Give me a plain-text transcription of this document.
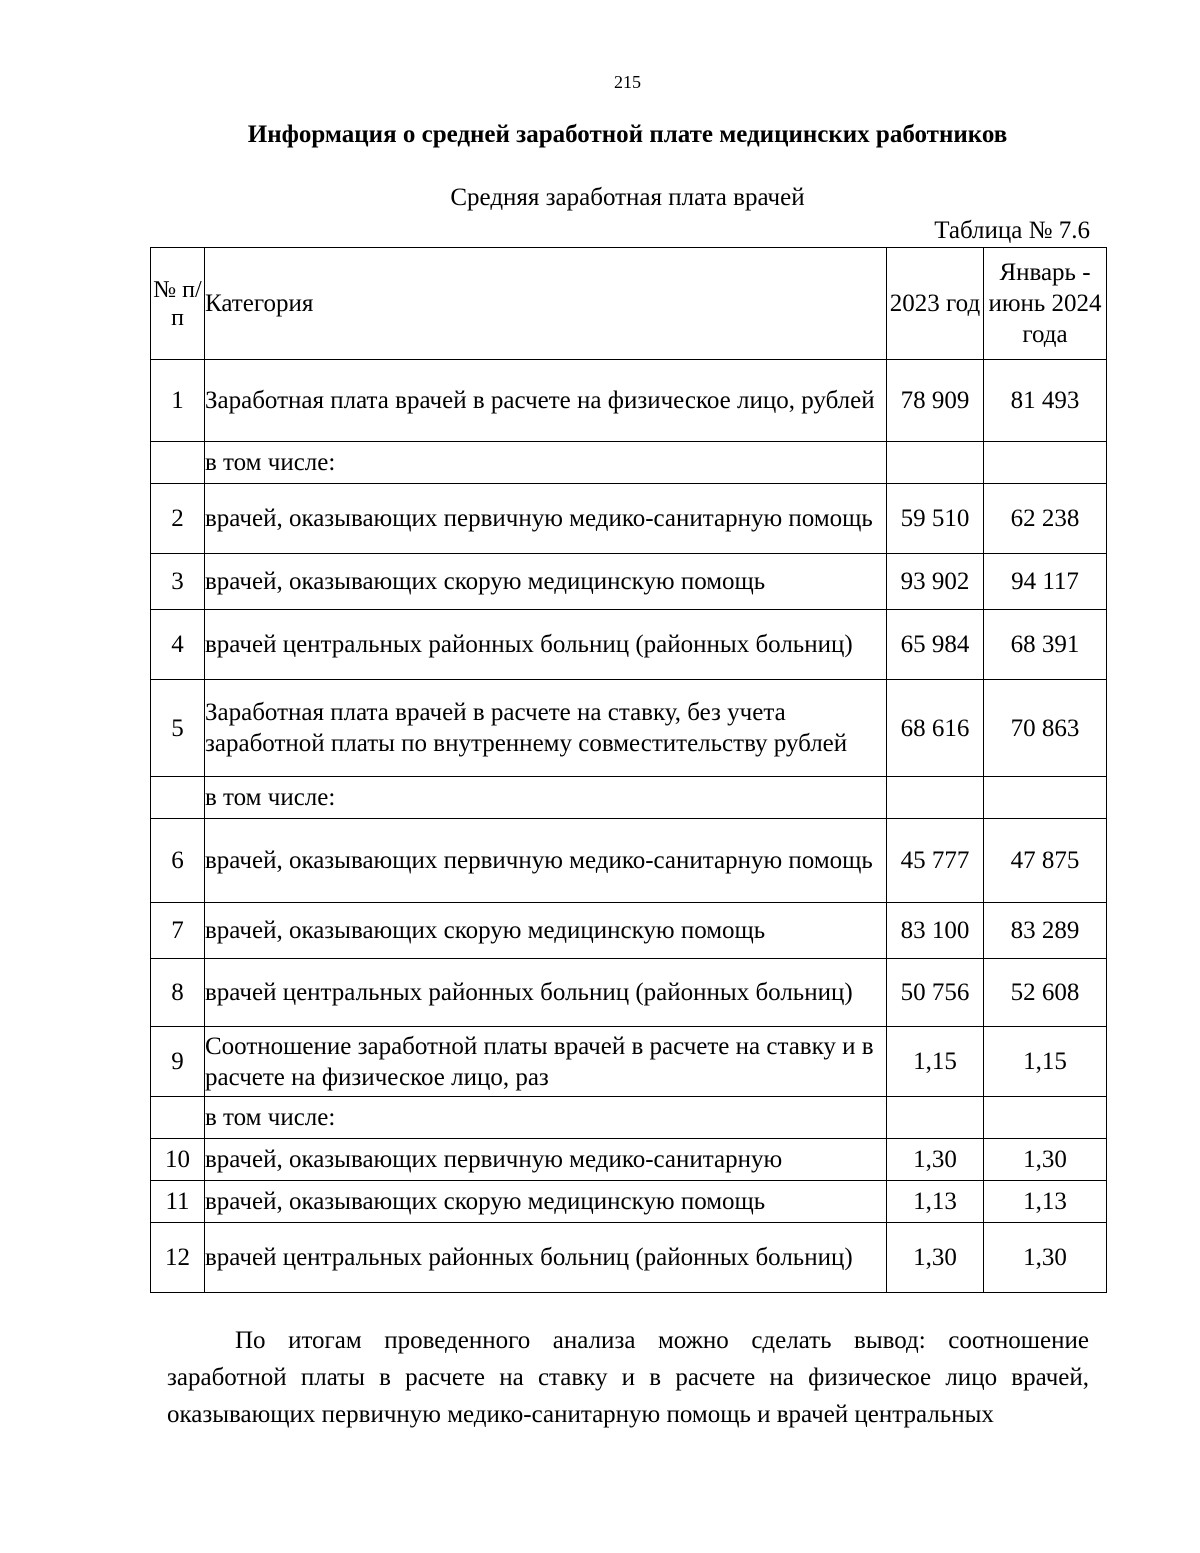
215
Информация о средней заработной плате медицинских работников
Средняя заработная плата врачей
Таблица № 7.6
№ п/п	Категория	2023 год	Январь - июнь 2024 года
1	Заработная плата врачей в расчете на физическое лицо, рублей	78 909	81 493
	в том числе:		
2	врачей, оказывающих первичную медико-санитарную помощь	59 510	62 238
3	врачей, оказывающих скорую медицинскую помощь	93 902	94 117
4	врачей центральных районных больниц (районных больниц)	65 984	68 391
5	Заработная плата врачей в расчете на ставку, без учета заработной платы по внутреннему совместительству рублей	68 616	70 863
	в том числе:		
6	врачей, оказывающих первичную медико-санитарную помощь	45 777	47 875
7	врачей, оказывающих скорую медицинскую помощь	83 100	83 289
8	врачей центральных районных больниц (районных больниц)	50 756	52 608
9	Соотношение заработной платы врачей в расчете на ставку и в расчете на физическое лицо, раз	1,15	1,15
	в том числе:		
10	врачей, оказывающих первичную медико-санитарную	1,30	1,30
11	врачей, оказывающих скорую медицинскую помощь	1,13	1,13
12	врачей центральных районных больниц (районных больниц)	1,30	1,30
По итогам проведенного анализа можно сделать вывод: соотношение заработной платы в расчете на ставку и в расчете на физическое лицо врачей, оказывающих первичную медико-санитарную помощь и врачей центральных
